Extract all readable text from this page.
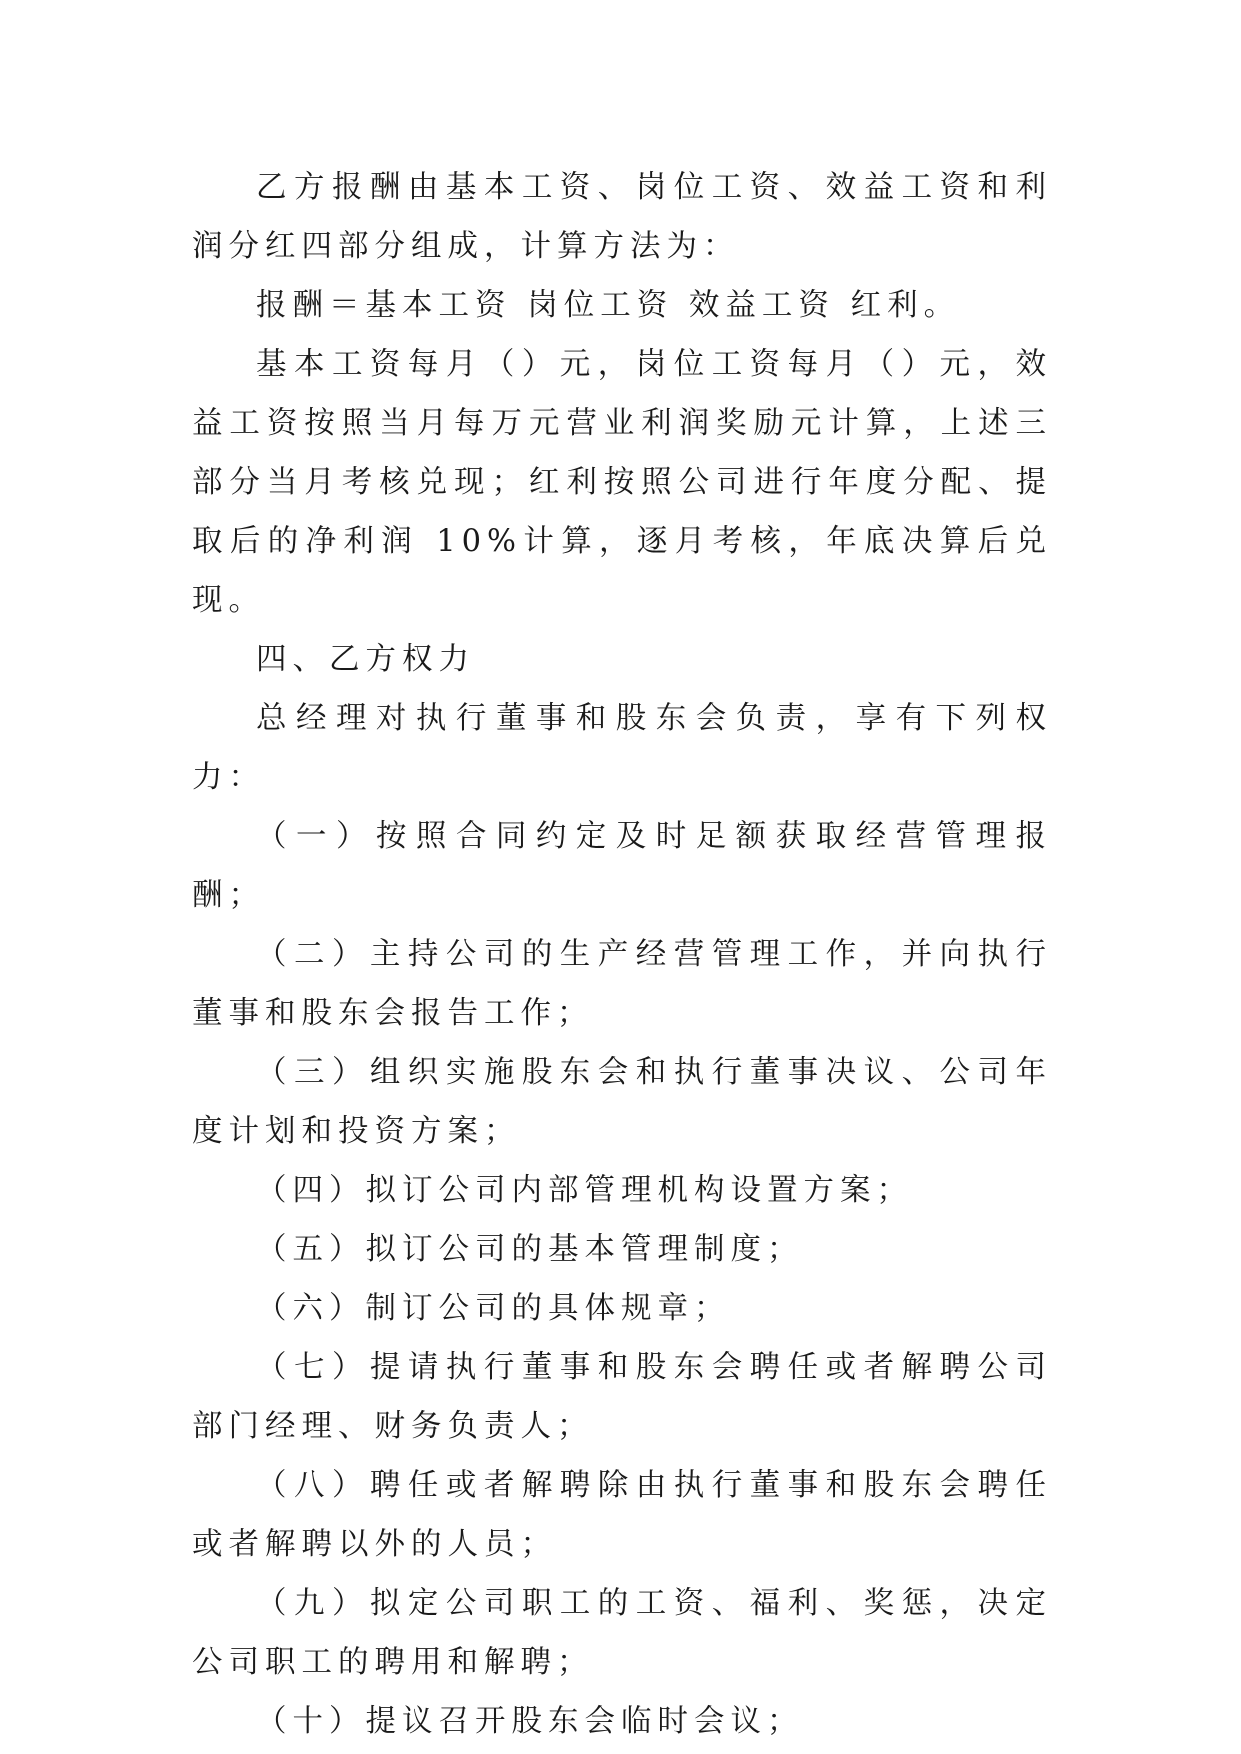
乙方报酬由基本工资、岗位工资、效益工资和利润分红四部分组成，计算方法为：

报酬＝基本工资 岗位工资 效益工资 红利。

基本工资每月（）元，岗位工资每月（）元，效益工资按照当月每万元营业利润奖励元计算，上述三部分当月考核兑现；红利按照公司进行年度分配、提取后的净利润 10%计算，逐月考核，年底决算后兑现。

四、乙方权力

总经理对执行董事和股东会负责，享有下列权力：

（一）按照合同约定及时足额获取经营管理报酬；

（二）主持公司的生产经营管理工作，并向执行董事和股东会报告工作；

（三）组织实施股东会和执行董事决议、公司年度计划和投资方案；

（四）拟订公司内部管理机构设置方案；

（五）拟订公司的基本管理制度；

（六）制订公司的具体规章；

（七）提请执行董事和股东会聘任或者解聘公司部门经理、财务负责人；

（八）聘任或者解聘除由执行董事和股东会聘任或者解聘以外的人员；

（九）拟定公司职工的工资、福利、奖惩，决定公司职工的聘用和解聘；

（十）提议召开股东会临时会议；
